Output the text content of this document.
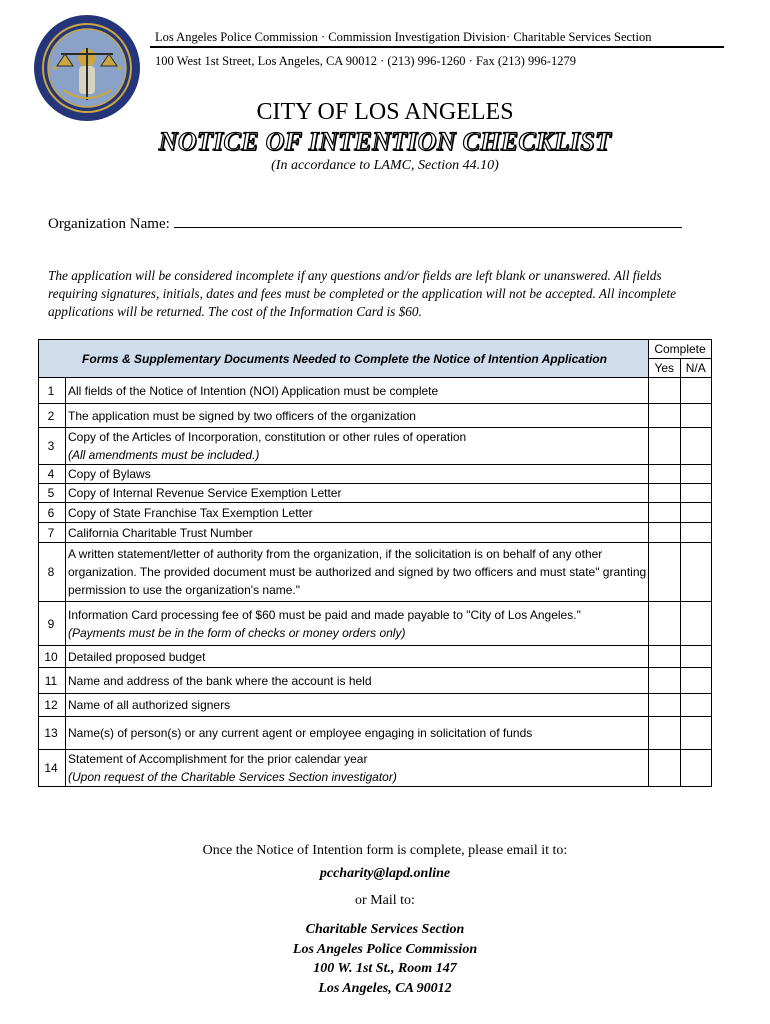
Los Angeles Police Commission · Commission Investigation Division· Charitable Services Section
100 West 1st Street, Los Angeles, CA 90012 · (213) 996-1260 · Fax (213) 996-1279
CITY OF LOS ANGELES
NOTICE OF INTENTION CHECKLIST
(In accordance to LAMC, Section 44.10)
Organization Name:
The application will be considered incomplete if any questions and/or fields are left blank or unanswered. All fields requiring signatures, initials, dates and fees must be completed or the application will not be accepted. All incomplete applications will be returned. The cost of the Information Card is $60.
Forms & Supplementary Documents Needed to Complete the Notice of Intention Application		Complete
Yes N/A	

1	All fields of the Notice of Intention (NOI) Application must be complete		

2	The application must be signed by two officers of the organization		

3	Copy of the Articles of Incorporation, constitution or other rules of operation
(All amendments must be included.)		

4	Copy of Bylaws		

5	Copy of Internal Revenue Service Exemption Letter		

6	Copy of State Franchise Tax Exemption Letter		

7	California Charitable Trust Number		

8	A written statement/letter of authority from the organization, if the solicitation is on behalf of any other organization. The provided document must be authorized and signed by two officers and must state" granting permission to use the organization's name."		

9	Information Card processing fee of $60 must be paid and made payable to "City of Los Angeles."
(Payments must be in the form of checks or money orders only)		

10	Detailed proposed budget		

11	Name and address of the bank where the account is held		

12	Name of all authorized signers		

13	Name(s) of person(s) or any current agent or employee engaging in solicitation of funds		

14	Statement of Accomplishment for the prior calendar year
(Upon request of the Charitable Services Section investigator)		

Once the Notice of Intention form is complete, please email it to:
pccharity@lapd.online
or Mail to:
Charitable Services Section
Los Angeles Police Commission
100 W. 1st St., Room 147
Los Angeles, CA 90012
